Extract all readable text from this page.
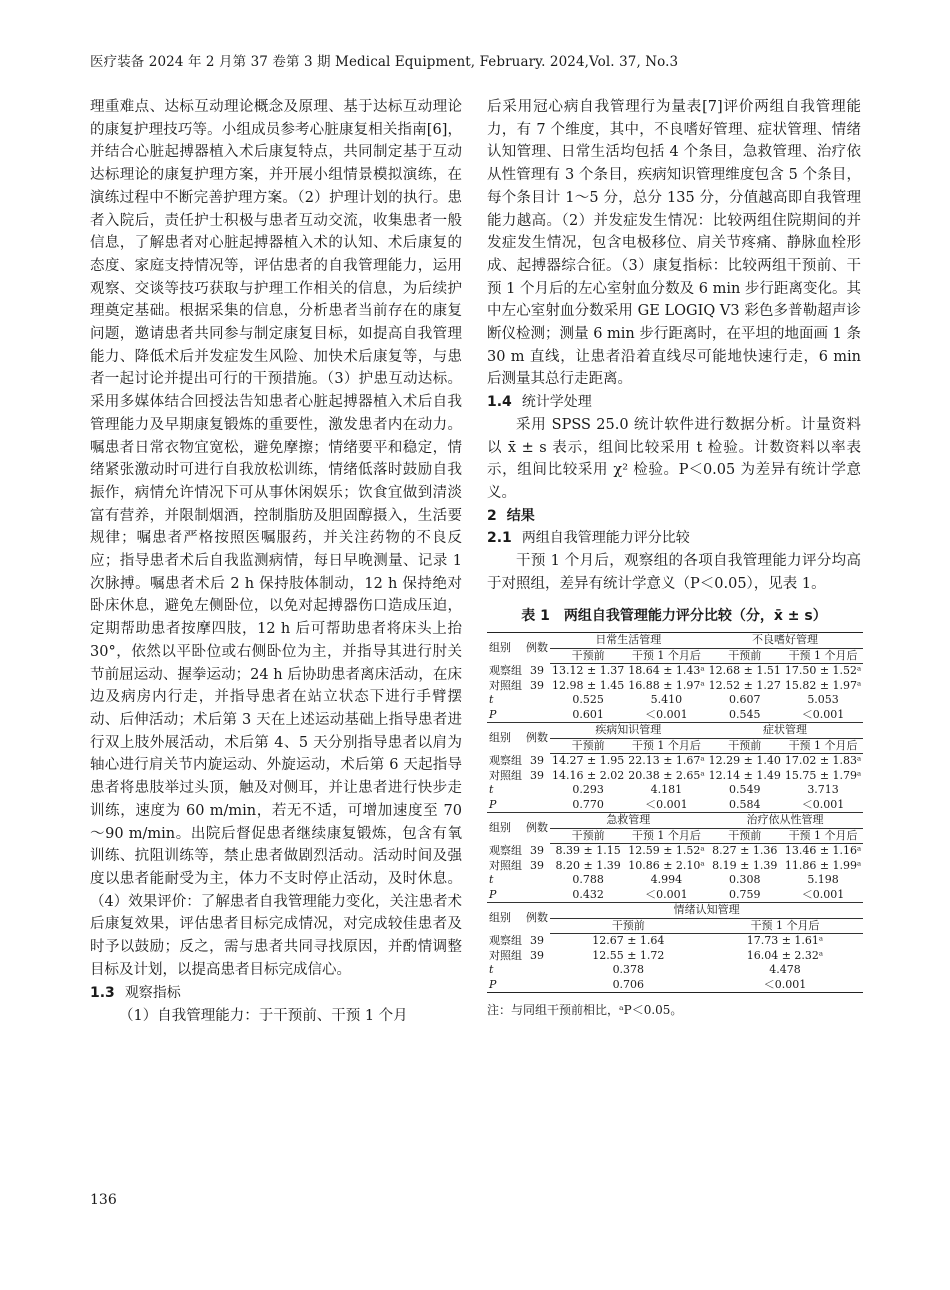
医疗装备 2024 年 2 月第 37 卷第 3 期 Medical Equipment, February. 2024,Vol. 37, No.3

理重难点、达标互动理论概念及原理、基于达标互动理论的康复护理技巧等。小组成员参考心脏康复相关指南[6]，并结合心脏起搏器植入术后康复特点，共同制定基于互动达标理论的康复护理方案，并开展小组情景模拟演练，在演练过程中不断完善护理方案。（2）护理计划的执行。患者入院后，责任护士积极与患者互动交流，收集患者一般信息，了解患者对心脏起搏器植入术的认知、术后康复的态度、家庭支持情况等，评估患者的自我管理能力，运用观察、交谈等技巧获取与护理工作相关的信息，为后续护理奠定基础。根据采集的信息，分析患者当前存在的康复问题，邀请患者共同参与制定康复目标，如提高自我管理能力、降低术后并发症发生风险、加快术后康复等，与患者一起讨论并提出可行的干预措施。（3）护患互动达标。采用多媒体结合回授法告知患者心脏起搏器植入术后自我管理能力及早期康复锻炼的重要性，激发患者内在动力。嘱患者日常衣物宜宽松，避免摩擦；情绪要平和稳定，情绪紧张激动时可进行自我放松训练，情绪低落时鼓励自我振作，病情允许情况下可从事休闲娱乐；饮食宜做到清淡富有营养，并限制烟酒，控制脂肪及胆固醇摄入，生活要规律；嘱患者严格按照医嘱服药，并关注药物的不良反应；指导患者术后自我监测病情，每日早晚测量、记录 1 次脉搏。嘱患者术后 2 h 保持肢体制动，12 h 保持绝对卧床休息，避免左侧卧位，以免对起搏器伤口造成压迫，定期帮助患者按摩四肢，12 h 后可帮助患者将床头上抬 30°，依然以平卧位或右侧卧位为主，并指导其进行肘关节前屈运动、握拳运动；24 h 后协助患者离床活动，在床边及病房内行走，并指导患者在站立状态下进行手臂摆动、后伸活动；术后第 3 天在上述运动基础上指导患者进行双上肢外展活动，术后第 4、5 天分别指导患者以肩为轴心进行肩关节内旋运动、外旋运动，术后第 6 天起指导患者将患肢举过头顶，触及对侧耳，并让患者进行快步走训练，速度为 60 m/min，若无不适，可增加速度至 70～90 m/min。出院后督促患者继续康复锻炼，包含有氧训练、抗阻训练等，禁止患者做剧烈活动。活动时间及强度以患者能耐受为主，体力不支时停止活动，及时休息。（4）效果评价：了解患者自我管理能力变化，关注患者术后康复效果，评估患者目标完成情况，对完成较佳患者及时予以鼓励；反之，需与患者共同寻找原因，并酌情调整目标及计划，以提高患者目标完成信心。

1.3 观察指标

（1）自我管理能力：于干预前、干预 1 个月

后采用冠心病自我管理行为量表[7]评价两组自我管理能力，有 7 个维度，其中，不良嗜好管理、症状管理、情绪认知管理、日常生活均包括 4 个条目，急救管理、治疗依从性管理有 3 个条目，疾病知识管理维度包含 5 个条目，每个条目计 1～5 分，总分 135 分，分值越高即自我管理能力越高。（2）并发症发生情况：比较两组住院期间的并发症发生情况，包含电极移位、肩关节疼痛、静脉血栓形成、起搏器综合征。（3）康复指标：比较两组干预前、干预 1 个月后的左心室射血分数及 6 min 步行距离变化。其中左心室射血分数采用 GE LOGIQ V3 彩色多普勒超声诊断仪检测；测量 6 min 步行距离时，在平坦的地面画 1 条 30 m 直线，让患者沿着直线尽可能地快速行走，6 min 后测量其总行走距离。

1.4 统计学处理

采用 SPSS 25.0 统计软件进行数据分析。计量资料以 x̄ ± s 表示，组间比较采用 t 检验。计数资料以率表示，组间比较采用 χ² 检验。P＜0.05 为差异有统计学意义。

2 结果
2.1 两组自我管理能力评分比较

干预 1 个月后，观察组的各项自我管理能力评分均高于对照组，差异有统计学意义（P＜0.05），见表 1。

表 1　两组自我管理能力评分比较（分，x̄ ± s）
组别	例数	日常生活管理		不良嗜好管理	
		干预前	干预 1 个月后	干预前	干预 1 个月后
观察组	39	13.12 ± 1.37	18.64 ± 1.43ᵃ	12.68 ± 1.51	17.50 ± 1.52ᵃ
对照组	39	12.98 ± 1.45	16.88 ± 1.97ᵃ	12.52 ± 1.27	15.82 ± 1.97ᵃ
t		0.525	5.410	0.607	5.053
P		0.601	＜0.001	0.545	＜0.001
组别	例数	疾病知识管理		症状管理	
		干预前	干预 1 个月后	干预前	干预 1 个月后
观察组	39	14.27 ± 1.95	22.13 ± 1.67ᵃ	12.29 ± 1.40	17.02 ± 1.83ᵃ
对照组	39	14.16 ± 2.02	20.38 ± 2.65ᵃ	12.14 ± 1.49	15.75 ± 1.79ᵃ
t		0.293	4.181	0.549	3.713
P		0.770	＜0.001	0.584	＜0.001
组别	例数	急救管理		治疗依从性管理	
		干预前	干预 1 个月后	干预前	干预 1 个月后
观察组	39	8.39 ± 1.15	12.59 ± 1.52ᵃ	8.27 ± 1.36	13.46 ± 1.16ᵃ
对照组	39	8.20 ± 1.39	10.86 ± 2.10ᵃ	8.19 ± 1.39	11.86 ± 1.99ᵃ
t		0.788	4.994	0.308	5.198
P		0.432	＜0.001	0.759	＜0.001
组别	例数	情绪认知管理			
		干预前		干预 1 个月后	
观察组	39	12.67 ± 1.64		17.73 ± 1.61ᵃ	
对照组	39	12.55 ± 1.72		16.04 ± 2.32ᵃ	
t		0.378		4.478	
P		0.706		＜0.001	
注：与同组干预前相比，ᵃP＜0.05。
136
